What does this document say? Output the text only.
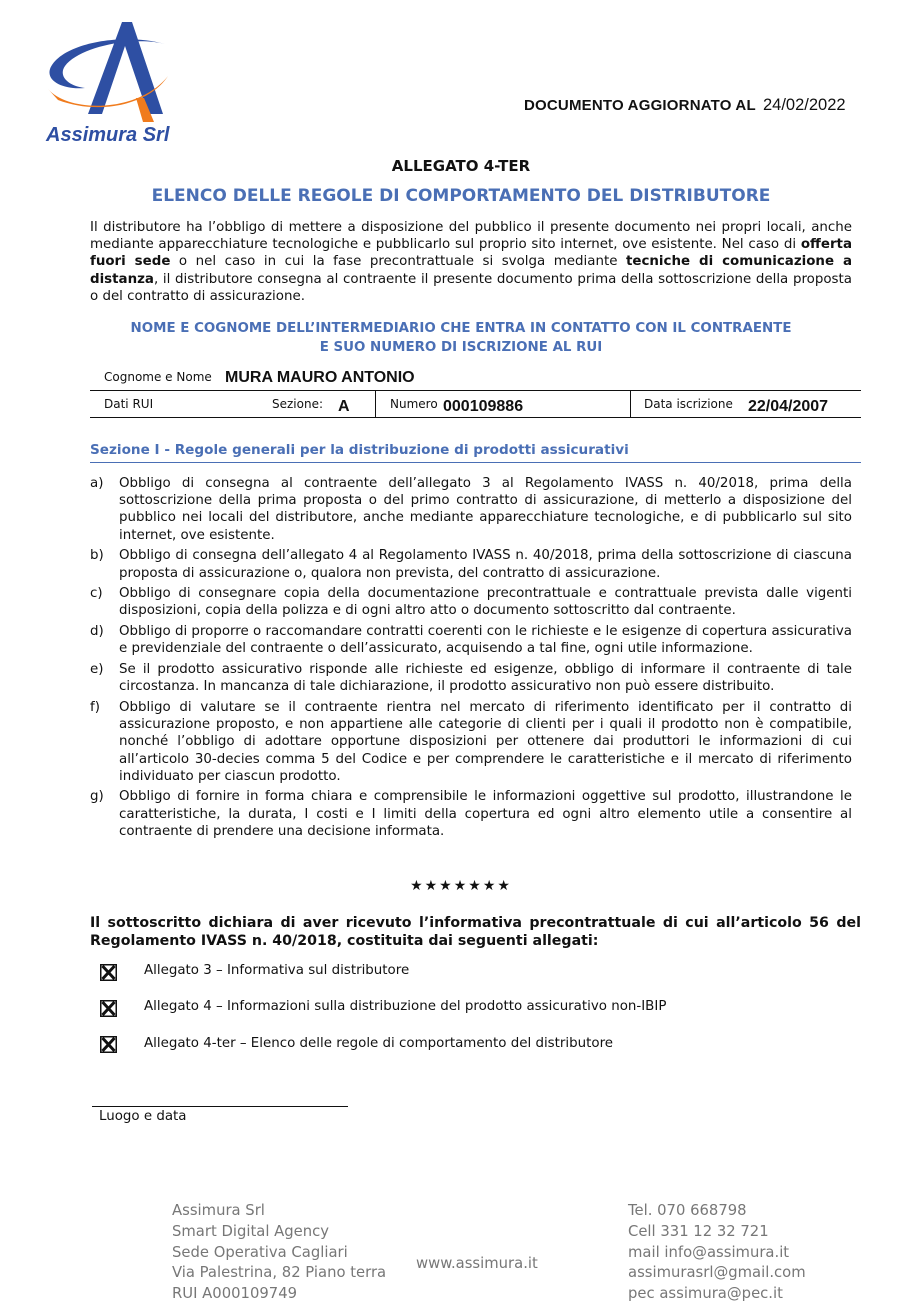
Assimura Srl
DOCUMENTO AGGIORNATO AL 24/02/2022
ALLEGATO 4-TER
ELENCO DELLE REGOLE DI COMPORTAMENTO DEL DISTRIBUTORE
Il distributore ha l’obbligo di mettere a disposizione del pubblico il presente documento nei propri locali, anche mediante apparecchiature tecnologiche e pubblicarlo sul proprio sito internet, ove esistente. Nel caso di offerta fuori sede o nel caso in cui la fase precontrattuale si svolga mediante tecniche di comunicazione a distanza, il distributore consegna al contraente il presente documento prima della sottoscrizione della proposta o del contratto di assicurazione.
NOME E COGNOME DELL’INTERMEDIARIO CHE ENTRA IN CONTATTO CON IL CONTRAENTE
E SUO NUMERO DI ISCRIZIONE AL RUI
Cognome e Nome MURA MAURO ANTONIO
Dati RUI	Sezione: A	Numero 000109886	Data iscrizione 22/04/2007
Sezione I - Regole generali per la distribuzione di prodotti assicurativi
a) Obbligo di consegna al contraente dell’allegato 3 al Regolamento IVASS n. 40/2018, prima della sottoscrizione della prima proposta o del primo contratto di assicurazione, di metterlo a disposizione del pubblico nei locali del distributore, anche mediante apparecchiature tecnologiche, e di pubblicarlo sul sito internet, ove esistente.
b) Obbligo di consegna dell’allegato 4 al Regolamento IVASS n. 40/2018, prima della sottoscrizione di ciascuna proposta di assicurazione o, qualora non prevista, del contratto di assicurazione.
c) Obbligo di consegnare copia della documentazione precontrattuale e contrattuale prevista dalle vigenti disposizioni, copia della polizza e di ogni altro atto o documento sottoscritto dal contraente.
d) Obbligo di proporre o raccomandare contratti coerenti con le richieste e le esigenze di copertura assicurativa e previdenziale del contraente o dell’assicurato, acquisendo a tal fine, ogni utile informazione.
e) Se il prodotto assicurativo risponde alle richieste ed esigenze, obbligo di informare il contraente di tale circostanza. In mancanza di tale dichiarazione, il prodotto assicurativo non può essere distribuito.
f) Obbligo di valutare se il contraente rientra nel mercato di riferimento identificato per il contratto di assicurazione proposto, e non appartiene alle categorie di clienti per i quali il prodotto non è compatibile, nonché l’obbligo di adottare opportune disposizioni per ottenere dai produttori le informazioni di cui all’articolo 30-decies comma 5 del Codice e per comprendere le caratteristiche e il mercato di riferimento individuato per ciascun prodotto.
g) Obbligo di fornire in forma chiara e comprensibile le informazioni oggettive sul prodotto, illustrandone le caratteristiche, la durata, I costi e I limiti della copertura ed ogni altro elemento utile a consentire al contraente di prendere una decisione informata.
★★★★★★★
Il sottoscritto dichiara di aver ricevuto l’informativa precontrattuale di cui all’articolo 56 del Regolamento IVASS n. 40/2018, costituita dai seguenti allegati:
Allegato 3 – Informativa sul distributore
Allegato 4 – Informazioni sulla distribuzione del prodotto assicurativo non-IBIP
Allegato 4-ter – Elenco delle regole di comportamento del distributore
Luogo e data
Assimura Srl
Smart Digital Agency
Sede Operativa Cagliari
Via Palestrina, 82 Piano terra
RUI A000109749
www.assimura.it
Tel. 070 668798
Cell 331 12 32 721
mail info@assimura.it
assimurasrl@gmail.com
pec assimura@pec.it
